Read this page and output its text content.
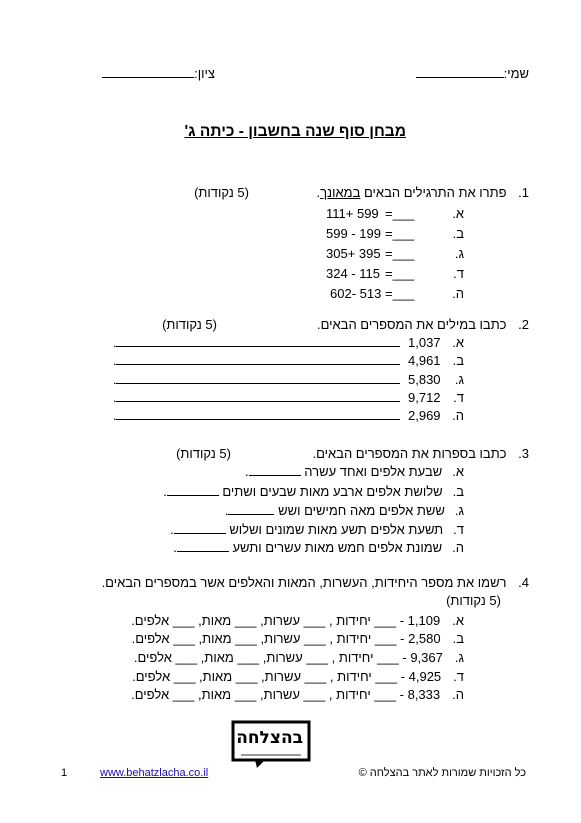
שמי:
ציון:
מבחן סוף שנה בחשבון - כיתה ג'
1. פתרו את התרגילים הבאים במאונך.
(5 נקודות)
א.
=___
111+ 599
ב.
=___
599 - 199
ג.
=___
305+ 395
ד.
=___
324 - 115
ה.
=___
602- 513
2. כתבו במילים את המספרים הבאים.
(5 נקודות)
א.
1,037
.
ב.
4,961
.
ג.
5,830
.
ד.
9,712
.
ה.
2,969
.
3. כתבו בספרות את המספרים הבאים.
(5 נקודות)
א.שבעת אלפים ואחד עשרה .
ב.שלושת אלפים ארבע מאות שבעים ושתים .
ג.ששת אלפים מאה חמישים ושש .
ד.תשעת אלפים תשע מאות שמונים ושלוש .
ה.שמונת אלפים חמש מאות עשרים ותשע .
4. רשמו את מספר היחידות, העשרות, המאות והאלפים אשר במספרים הבאים.
(5 נקודות)
א.1,109 - ___ יחידות , ___ עשרות, ___ מאות, ___ אלפים.
ב.2,580 - ___ יחידות , ___ עשרות, ___ מאות, ___ אלפים.
ג.9,367 - ___ יחידות , ___ עשרות, ___ מאות, ___ אלפים.
ד.4,925 - ___ יחידות , ___ עשרות, ___ מאות, ___ אלפים.
ה.8,333 - ___ יחידות , ___ עשרות, ___ מאות, ___ אלפים.
בהצלחה
1	www.behatzlacha.co.il	כל הזכויות שמורות לאתר בהצלחה ©
